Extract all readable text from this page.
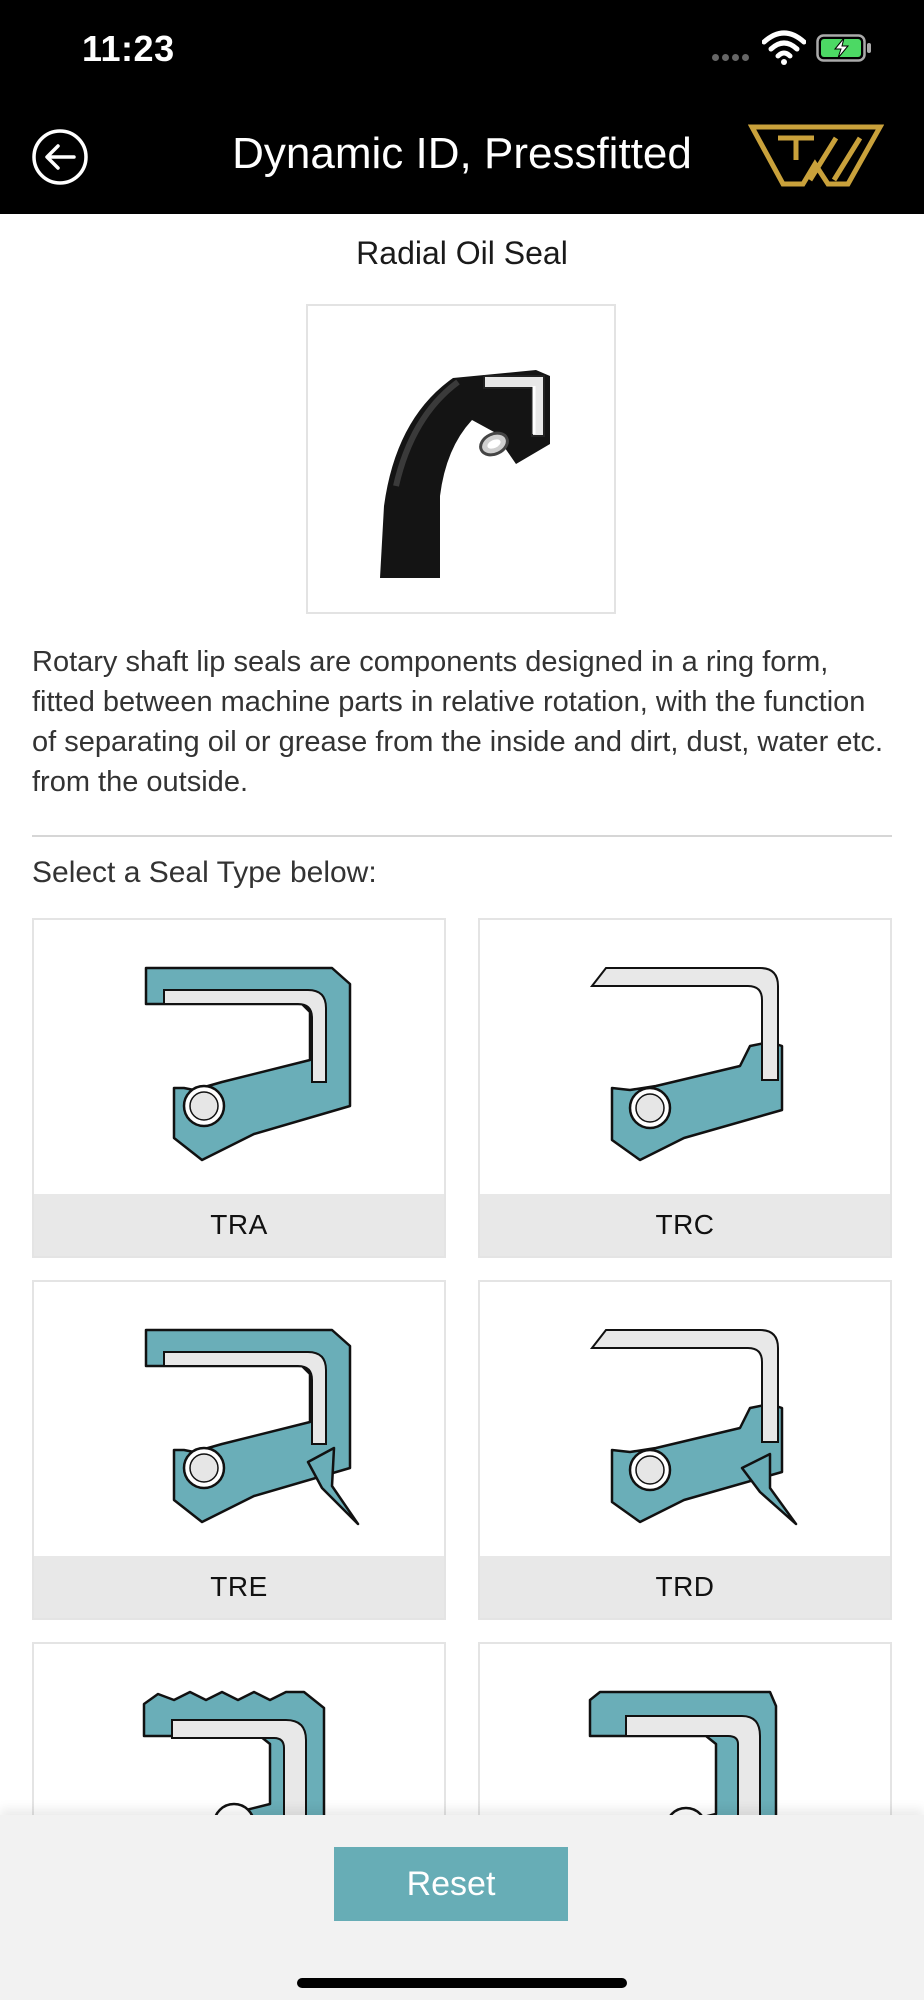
11:23
Dynamic ID, Pressfitted
Radial Oil Seal
Rotary shaft lip seals are components designed in a ring form, fitted between machine parts in relative rotation, with the function of separating oil or grease from the inside and dirt, dust, water etc. from the outside.
Select a Seal Type below:
TRA	TRC
TRE	TRD
Reset
